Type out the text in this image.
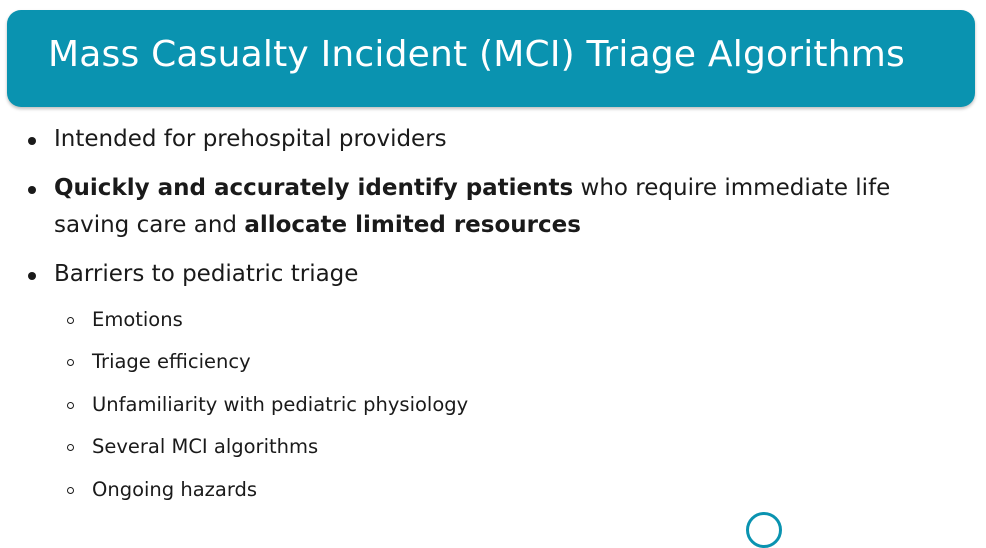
Mass Casualty Incident (MCI) Triage Algorithms
Intended for prehospital providers
Quickly and accurately identify patients who require immediate life saving care and allocate limited resources
Barriers to pediatric triage
Emotions
Triage efficiency
Unfamiliarity with pediatric physiology
Several MCI algorithms
Ongoing hazards
